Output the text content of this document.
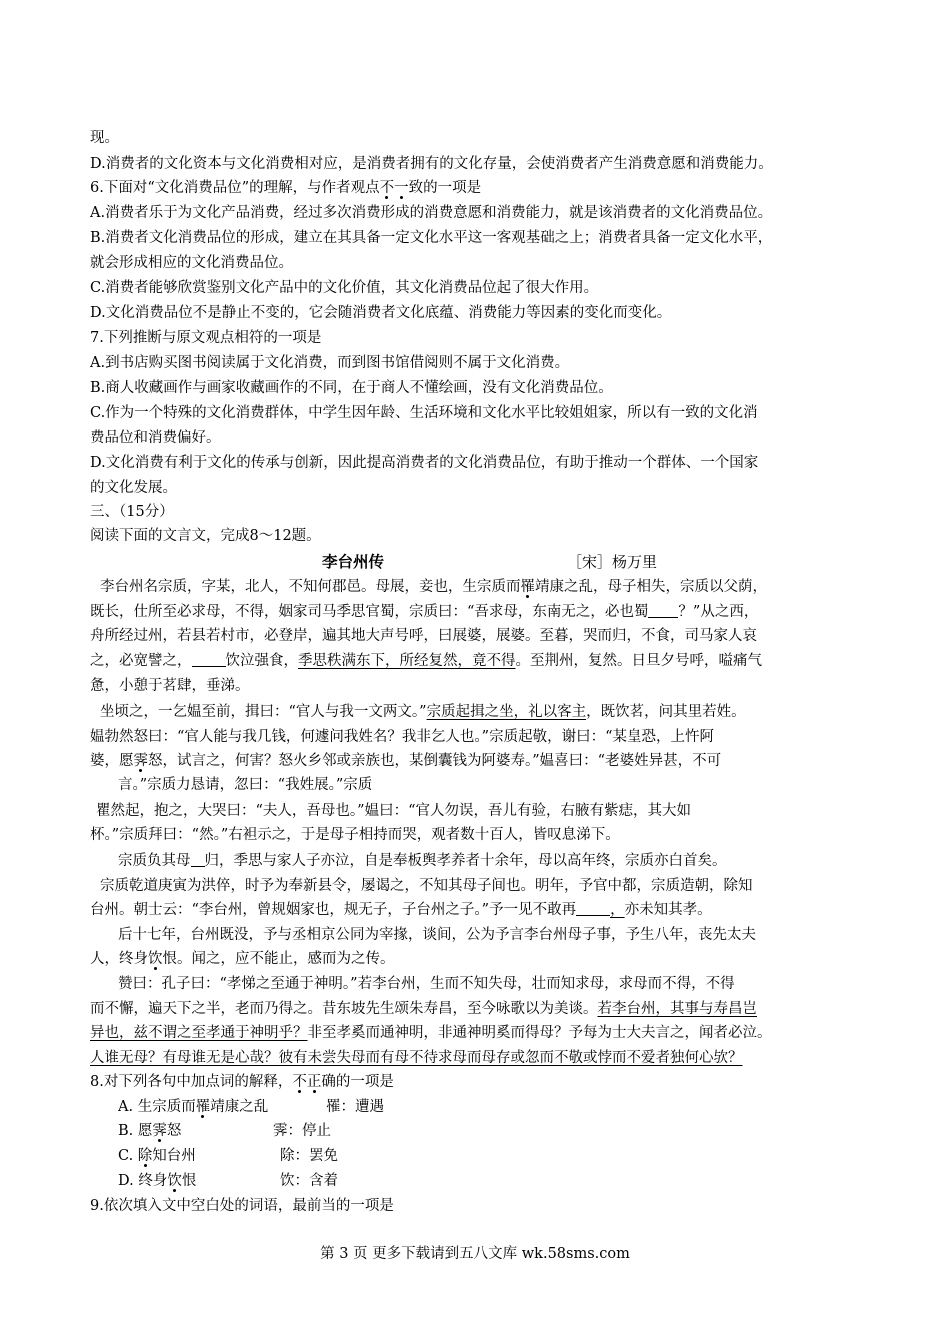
现。
D.消费者的文化资本与文化消费相对应，是消费者拥有的文化存量，会使消费者产生消费意愿和消费能力。
6.下面对“文化消费品位”的理解，与作者观点不一致的一项是
A.消费者乐于为文化产品消费，经过多次消费形成的消费意愿和消费能力，就是该消费者的文化消费品位。
B.消费者文化消费品位的形成，建立在其具备一定文化水平这一客观基础之上；消费者具备一定文化水平，
就会形成相应的文化消费品位。
C.消费者能够欣赏鉴别文化产品中的文化价值，其文化消费品位起了很大作用。
D.文化消费品位不是静止不变的，它会随消费者文化底蕴、消费能力等因素的变化而变化。
7.下列推断与原文观点相符的一项是
A.到书店购买图书阅读属于文化消费，而到图书馆借阅则不属于文化消费。
B.商人收藏画作与画家收藏画作的不同，在于商人不懂绘画，没有文化消费品位。
C.作为一个特殊的文化消费群体，中学生因年龄、生活环境和文化水平比较姐姐家，所以有一致的文化消
费品位和消费偏好。
D.文化消费有利于文化的传承与创新，因此提高消费者的文化消费品位，有助于推动一个群体、一个国家
的文化发展。
三、（15分）
阅读下面的文言文，完成8～12题。
李台州传	［宋］杨万里
李台州名宗质，字某，北人，不知何郡邑。母展，妾也，生宗质而罹靖康之乱，母子相失，宗质以父荫，
既长，仕所至必求母，不得，姻家司马季思官蜀，宗质曰：“吾求母，东南无之，必也蜀 ？”从之西，
舟所经过州，若县若村市，必登岸，遍其地大声号呼，曰展婆，展婆。至暮，哭而归，不食，司马家人哀
之，必宽譬之， 饮泣强食，季思秩满东下，所经复然，竟不得。至荆州，复然。日旦夕号呼，嗌痛气
惫，小憩于茗肆，垂涕。
坐顷之，一乞媪至前，揖曰：“官人与我一文两文。”宗质起揖之坐，礼以客主，既饮茗，问其里若姓。
媪勃然怒曰：“官人能与我几钱，何遽问我姓名？我非乞人也。”宗质起敬，谢曰：“某皇恐，上忤阿
婆，愿霁怒，试言之，何害？怒火乡邻或亲族也，某倒囊钱为阿婆寿。”媪喜曰：“老婆姓异甚，不可
言。”宗质力恳请，忽曰：“我姓展。”宗质
瞿然起，抱之，大哭曰：“夫人，吾母也。”媪曰：“官人勿误，吾儿有验，右腋有紫痣，其大如
杯。”宗质拜曰：“然。”右袒示之，于是母子相持而哭，观者数十百人，皆叹息涕下。
宗质负其母 归，季思与家人子亦泣，自是奉板舆孝养者十余年，母以高年终，宗质亦白首矣。
宗质乾道庚寅为洪倅，时予为奉新县令，屡谒之，不知其母子间也。明年，予官中都，宗质造朝，除知
台州。朝士云：“李台州，曾规姻家也，规无子，子台州之子。”予一见不敢再 ，亦未知其孝。
后十七年，台州既没，予与丞相京公同为宰掾，谈间，公为予言李台州母子事，予生八年，丧先太夫
人，终身饮恨。闻之，应不能止，感而为之传。
赞曰：孔子曰：“孝悌之至通于神明。”若李台州，生而不知失母，壮而知求母，求母而不得，不得
而不懈，遍天下之半，老而乃得之。昔东坡先生颂朱寿昌，至今咏歌以为美谈。若李台州，其事与寿昌岂
异也，兹不谓之至孝通于神明乎？非至孝奚而通神明，非通神明奚而得母？予每为士大夫言之，闻者必泣。
人谁无母？有母谁无是心哉？彼有未尝失母而有母不待求母而母存或忽而不敬或悖而不爱者独何心欤？
8.对下列各句中加点词的解释，不正确的一项是
A. 生宗质而罹靖康之乱	罹：遭遇
B. 愿霁怒	霁：停止
C. 除知台州	除：罢免
D. 终身饮恨	饮：含着
9.依次填入文中空白处的词语，最前当的一项是
第 3 页 更多下载请到五八文库 wk.58sms.com
